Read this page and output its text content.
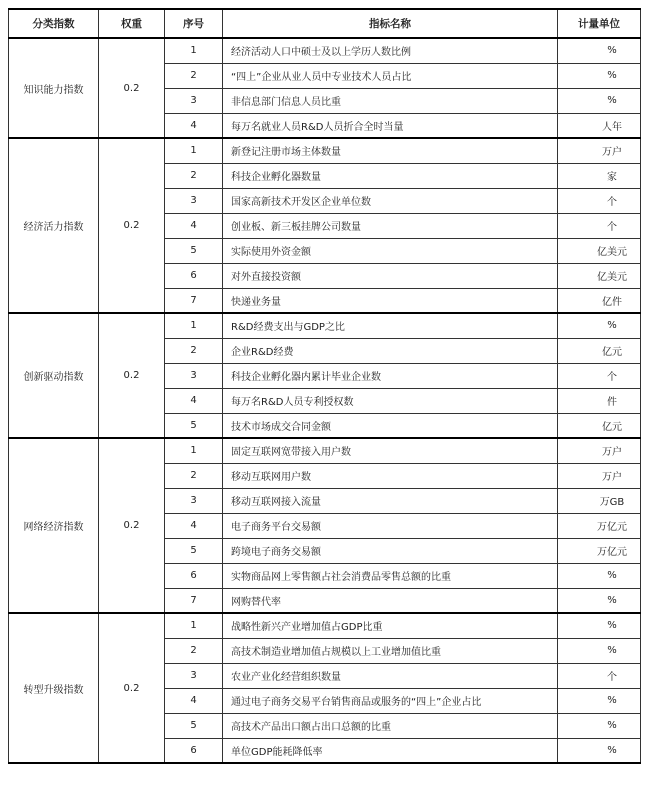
分类指数	权重	序号	指标名称	计量单位
知识能力指数	0.2	1	经济活动人口中硕士及以上学历人数比例	%
		2	“四上”企业从业人员中专业技术人员占比	%
		3	非信息部门信息人员比重	%
		4	每万名就业人员R&D人员折合全时当量	人年
经济活力指数	0.2	1	新登记注册市场主体数量	万户
		2	科技企业孵化器数量	家
		3	国家高新技术开发区企业单位数	个
		4	创业板、新三板挂牌公司数量	个
		5	实际使用外资金额	亿美元
		6	对外直接投资额	亿美元
		7	快递业务量	亿件
创新驱动指数	0.2	1	R&D经费支出与GDP之比	%
		2	企业R&D经费	亿元
		3	科技企业孵化器内累计毕业企业数	个
		4	每万名R&D人员专利授权数	件
		5	技术市场成交合同金额	亿元
网络经济指数	0.2	1	固定互联网宽带接入用户数	万户
		2	移动互联网用户数	万户
		3	移动互联网接入流量	万GB
		4	电子商务平台交易额	万亿元
		5	跨境电子商务交易额	万亿元
		6	实物商品网上零售额占社会消费品零售总额的比重	%
		7	网购替代率	%
转型升级指数	0.2	1	战略性新兴产业增加值占GDP比重	%
		2	高技术制造业增加值占规模以上工业增加值比重	%
		3	农业产业化经营组织数量	个
		4	通过电子商务交易平台销售商品或服务的“四上”企业占比	%
		5	高技术产品出口额占出口总额的比重	%
		6	单位GDP能耗降低率	%
